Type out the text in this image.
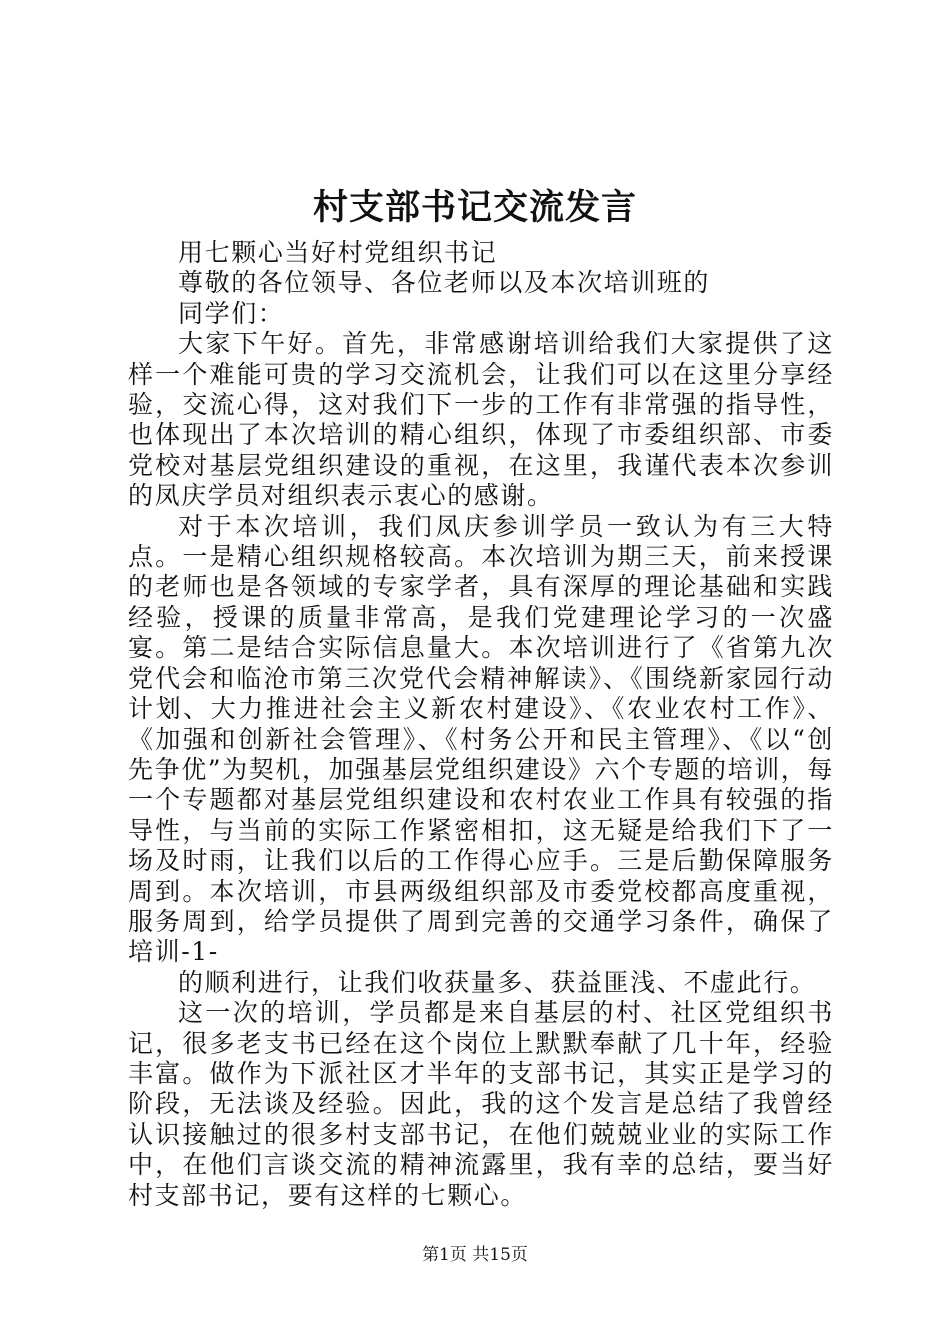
村支部书记交流发言

用七颗心当好村党组织书记

尊敬的各位领导、各位老师以及本次培训班的

同学们：

大家下午好。首先，非常感谢培训给我们大家提供了这样一个难能可贵的学习交流机会，让我们可以在这里分享经验，交流心得，这对我们下一步的工作有非常强的指导性，也体现出了本次培训的精心组织，体现了市委组织部、市委党校对基层党组织建设的重视，在这里，我谨代表本次参训的凤庆学员对组织表示衷心的感谢。

对于本次培训，我们凤庆参训学员一致认为有三大特点。一是精心组织规格较高。本次培训为期三天，前来授课的老师也是各领域的专家学者，具有深厚的理论基础和实践经验，授课的质量非常高，是我们党建理论学习的一次盛宴。第二是结合实际信息量大。本次培训进行了《省第九次党代会和临沧市第三次党代会精神解读》、《围绕新家园行动计划、大力推进社会主义新农村建设》、《农业农村工作》、《加强和创新社会管理》、《村务公开和民主管理》、《以“创先争优”为契机，加强基层党组织建设》六个专题的培训，每一个专题都对基层党组织建设和农村农业工作具有较强的指导性，与当前的实际工作紧密相扣，这无疑是给我们下了一场及时雨，让我们以后的工作得心应手。三是后勤保障服务周到。本次培训，市县两级组织部及市委党校都高度重视，服务周到，给学员提供了周到完善的交通学习条件，确保了培训-1-

的顺利进行，让我们收获量多、获益匪浅、不虚此行。

这一次的培训，学员都是来自基层的村、社区党组织书记，很多老支书已经在这个岗位上默默奉献了几十年，经验丰富。做作为下派社区才半年的支部书记，其实正是学习的阶段，无法谈及经验。因此，我的这个发言是总结了我曾经认识接触过的很多村支部书记，在他们兢兢业业的实际工作中，在他们言谈交流的精神流露里，我有幸的总结，要当好村支部书记，要有这样的七颗心。

第1页 共15页
